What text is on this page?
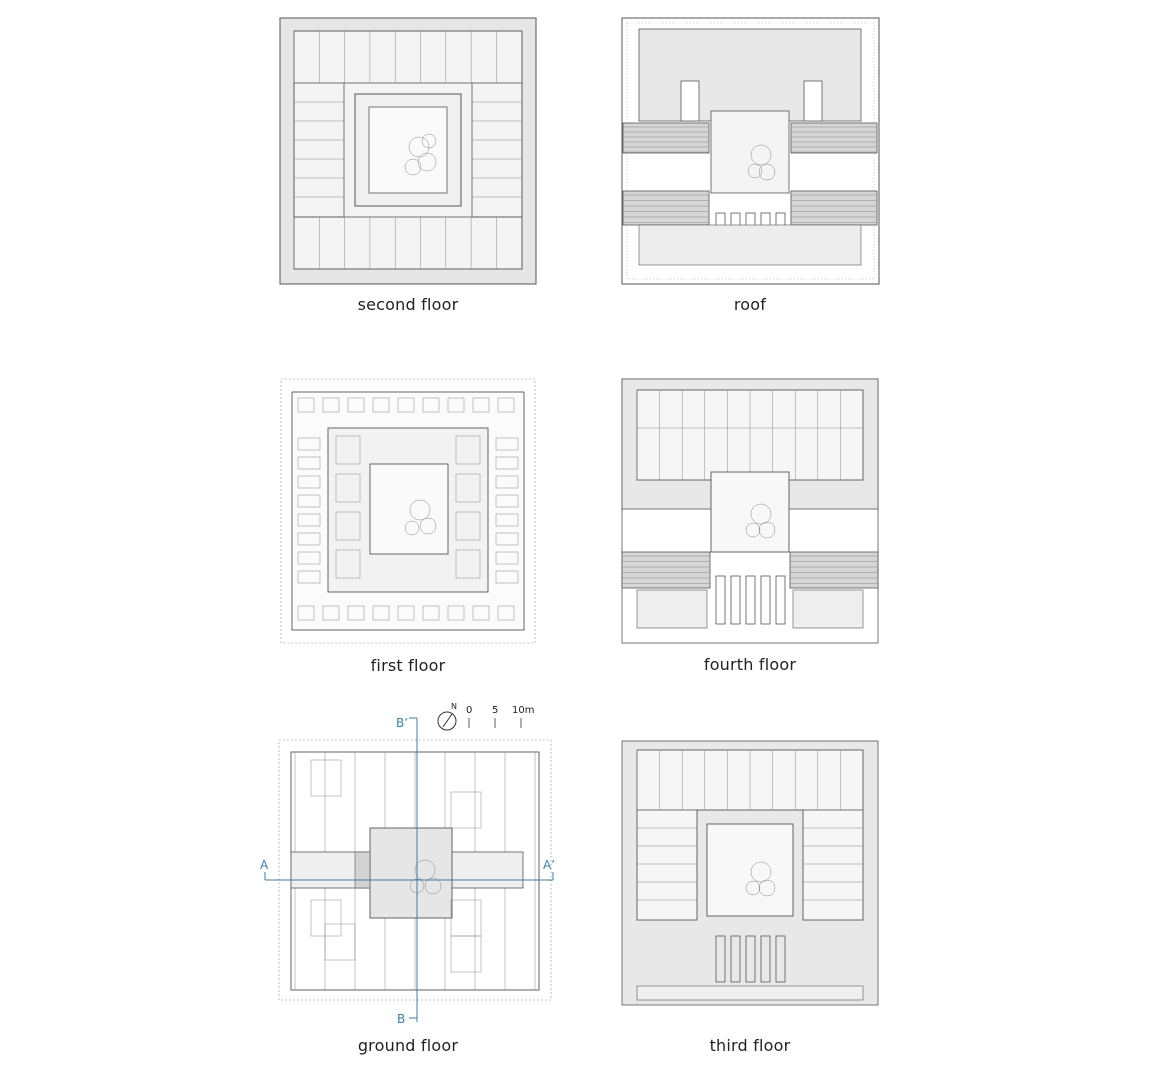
second floor	roof
first floor	fourth floor
A	A’
B
B’
N 0 5 10m
ground floor	third floor
